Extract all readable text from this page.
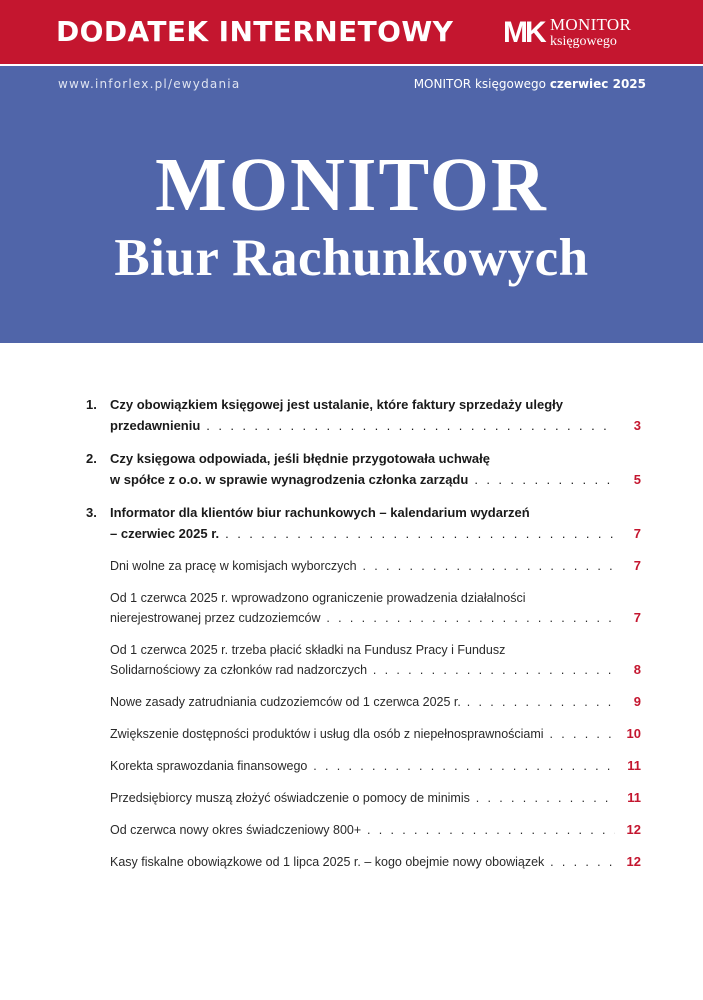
DODATEK INTERNETOWY MK MONITOR
księgowego
www.inforlex.pl/ewydania	MONITOR księgowego czerwiec 2025
MONITOR
Biur Rachunkowych
1. Czy obowiązkiem księgowej jest ustalanie, które faktury sprzedaży uległy
przedawnieniu . . .	3
2. Czy księgowa odpowiada, jeśli błędnie przygotowała uchwałę
w spółce z o.o. w sprawie wynagrodzenia członka zarządu . . .	5
3. Informator dla klientów biur rachunkowych – kalendarium wydarzeń
– czerwiec 2025 r. . . .	7
Dni wolne za pracę w komisjach wyborczych . . .	7
Od 1 czerwca 2025 r. wprowadzono ograniczenie prowadzenia działalności
nierejestrowanej przez cudzoziemców . . .	7
Od 1 czerwca 2025 r. trzeba płacić składki na Fundusz Pracy i Fundusz
Solidarnościowy za członków rad nadzorczych . . .	8
Nowe zasady zatrudniania cudzoziemców od 1 czerwca 2025 r. . . .	9
Zwiększenie dostępności produktów i usług dla osób z niepełnosprawnościami . . .	10
Korekta sprawozdania finansowego . . .	11
Przedsiębiorcy muszą złożyć oświadczenie o pomocy de minimis . . .	11
Od czerwca nowy okres świadczeniowy 800+ . . .	12
Kasy fiskalne obowiązkowe od 1 lipca 2025 r. – kogo obejmie nowy obowiązek . . .	12
